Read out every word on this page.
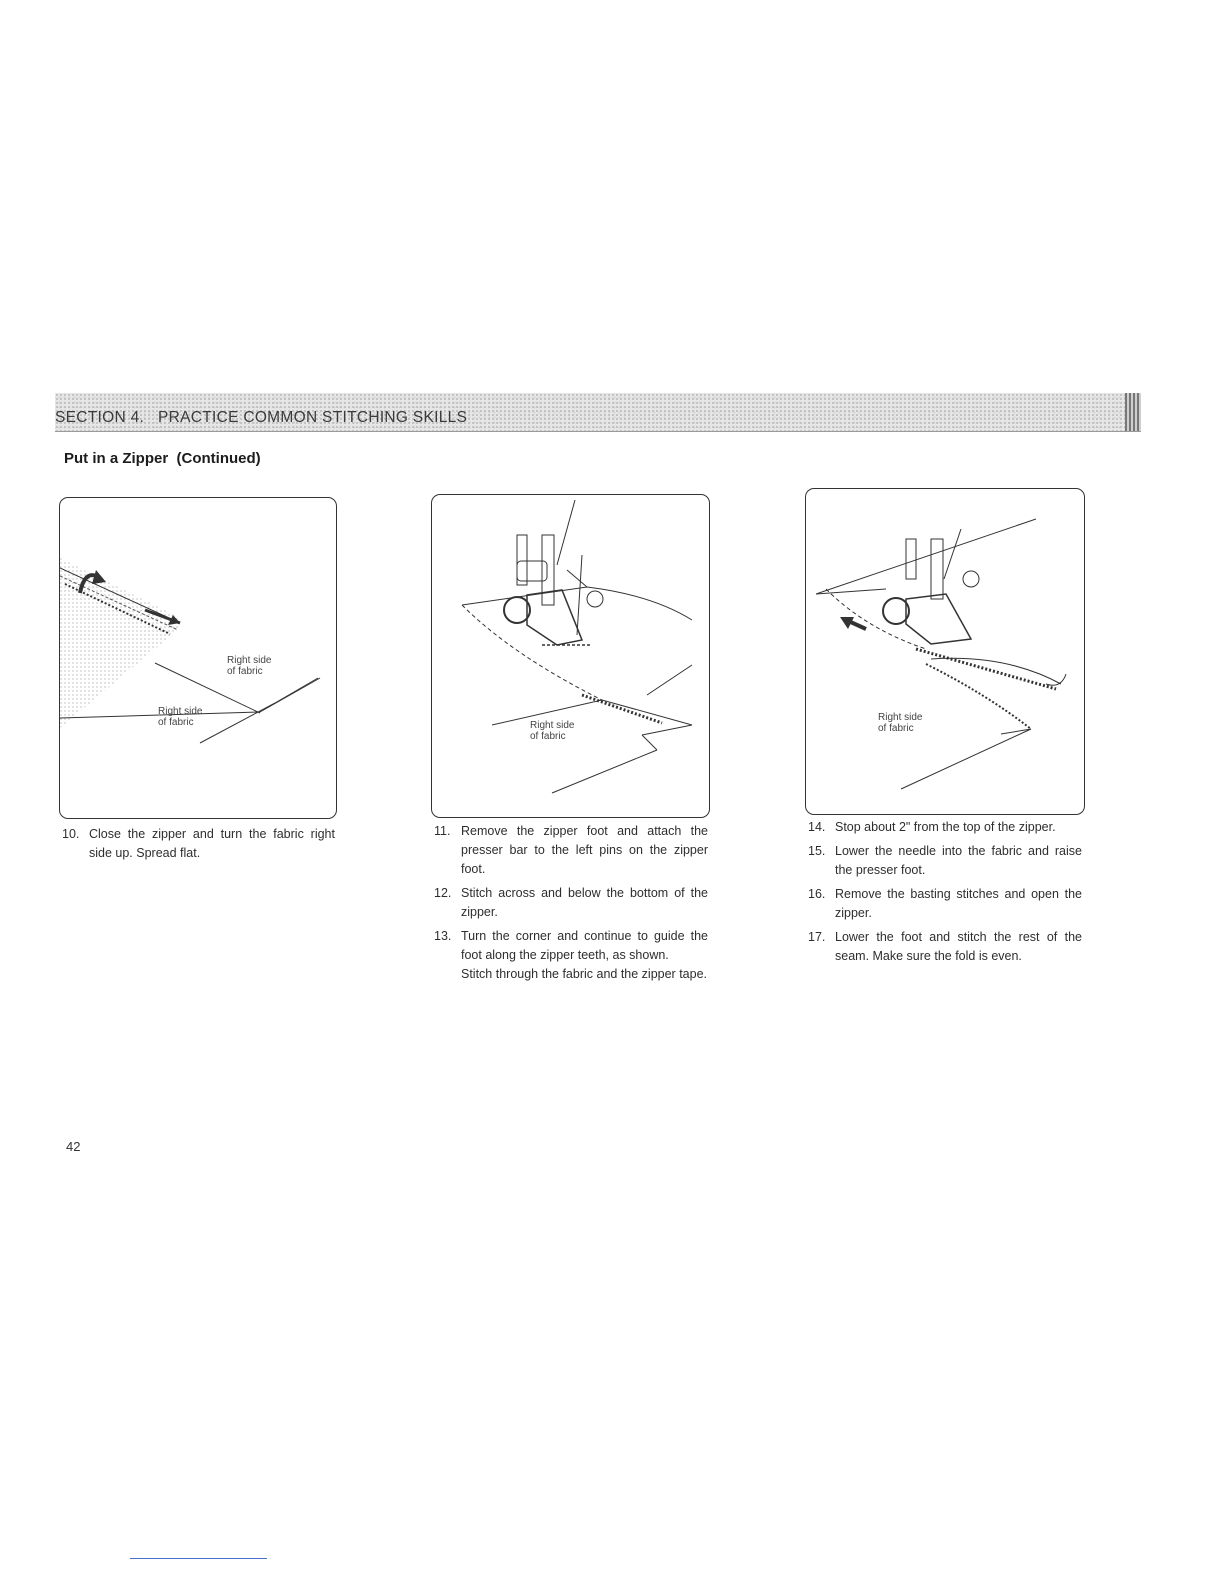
SECTION 4.   PRACTICE COMMON STITCHING SKILLS
Put in a Zipper  (Continued)
Right side
of fabric
Right side
of fabric	Right side
of fabric
Right side
of fabric
10. Close the zipper and turn the fabric right side up. Spread flat.
11. Remove the zipper foot and attach the presser bar to the left pins on the zipper foot.
12. Stitch across and below the bottom of the zipper.
13. Turn the corner and continue to guide the foot along the zipper teeth, as shown.
Stitch through the fabric and the zipper tape.
14. Stop about 2" from the top of the zipper.
15. Lower the needle into the fabric and raise the presser foot.
16. Remove the basting stitches and open the zipper.
17. Lower the foot and stitch the rest of the seam. Make sure the fold is even.
42
